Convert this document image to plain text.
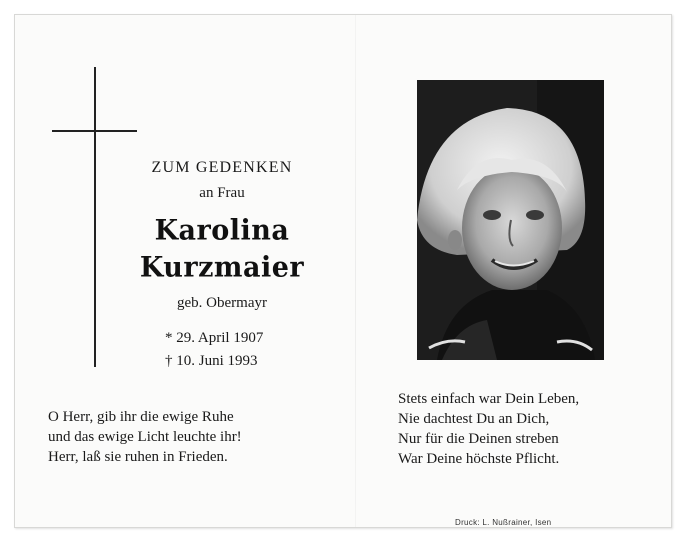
ZUM GEDENKEN
an Frau
Karolina
Kurzmaier
geb. Obermayr
* 29. April 1907
† 10. Juni 1993
O Herr, gib ihr die ewige Ruhe
und das ewige Licht leuchte ihr!
Herr, laß sie ruhen in Frieden.
Stets einfach war Dein Leben,
Nie dachtest Du an Dich,
Nur für die Deinen streben
War Deine höchste Pflicht.
Druck: L. Nußrainer, Isen
